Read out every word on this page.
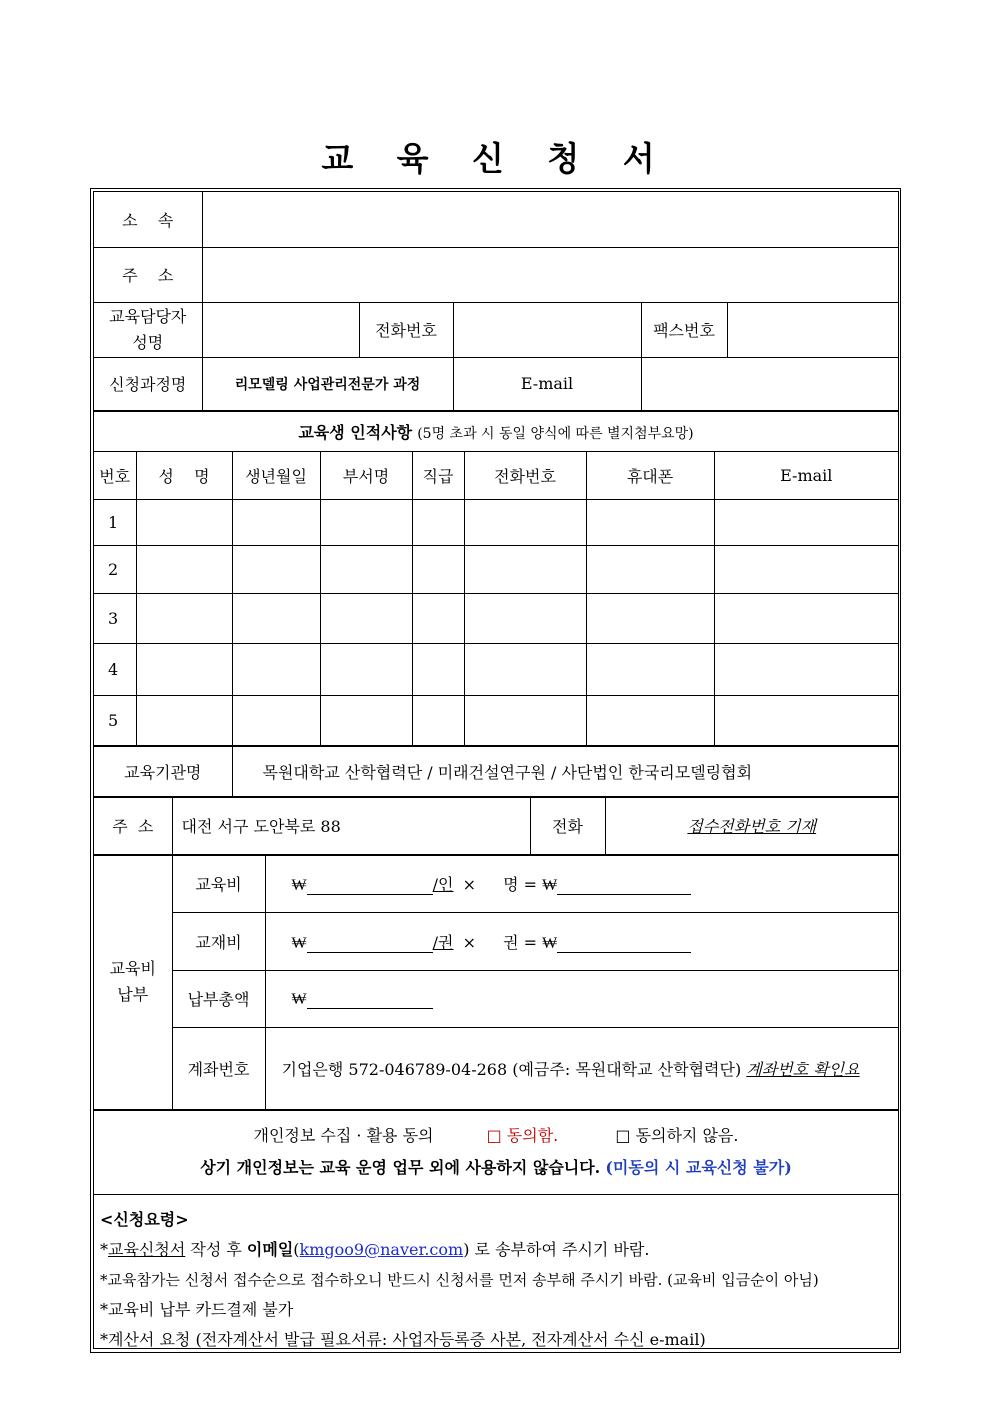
교 육 신 청 서
소    속					
주    소					

교육담당자
성명		전화번호		팩스번호	
신청과정명	리모델링 사업관리전문가 과정		E-mail		
교육생 인적사항 (5명 초과 시 동일 양식에 따른 별지첨부요망)							
번호	성    명	생년월일	부서명	직급	전화번호	휴대폰	E-mail
1							
2							
3							
4							
5							
교육기관명	목원대학교 산학협력단 / 미래건설연구원 / 사단법인 한국리모델링협회
주  소	대전 서구 도안북로 88	전화	접수전화번호 기재
교육비
납부	교육비	₩ /인 × 명 = ₩
	교재비	₩ /권 × 권 = ₩
	납부총액	₩
	계좌번호	기업은행 572-046789-04-268 (예금주: 목원대학교 산학협력단) 계좌번호 확인요
개인정보 수집 · 활용 동의	□ 동의함.	□ 동의하지 않음.
상기 개인정보는 교육 운영 업무 외에 사용하지 않습니다. (미동의 시 교육신청 불가)
<신청요령>
*교육신청서 작성 후 이메일(kmgoo9@naver.com) 로 송부하여 주시기 바람.
*교육참가는 신청서 접수순으로 접수하오니 반드시 신청서를 먼저 송부해 주시기 바람. (교육비 입금순이 아님)
*교육비 납부 카드결제 불가
*계산서 요청 (전자계산서 발급 필요서류: 사업자등록증 사본, 전자계산서 수신 e-mail)
